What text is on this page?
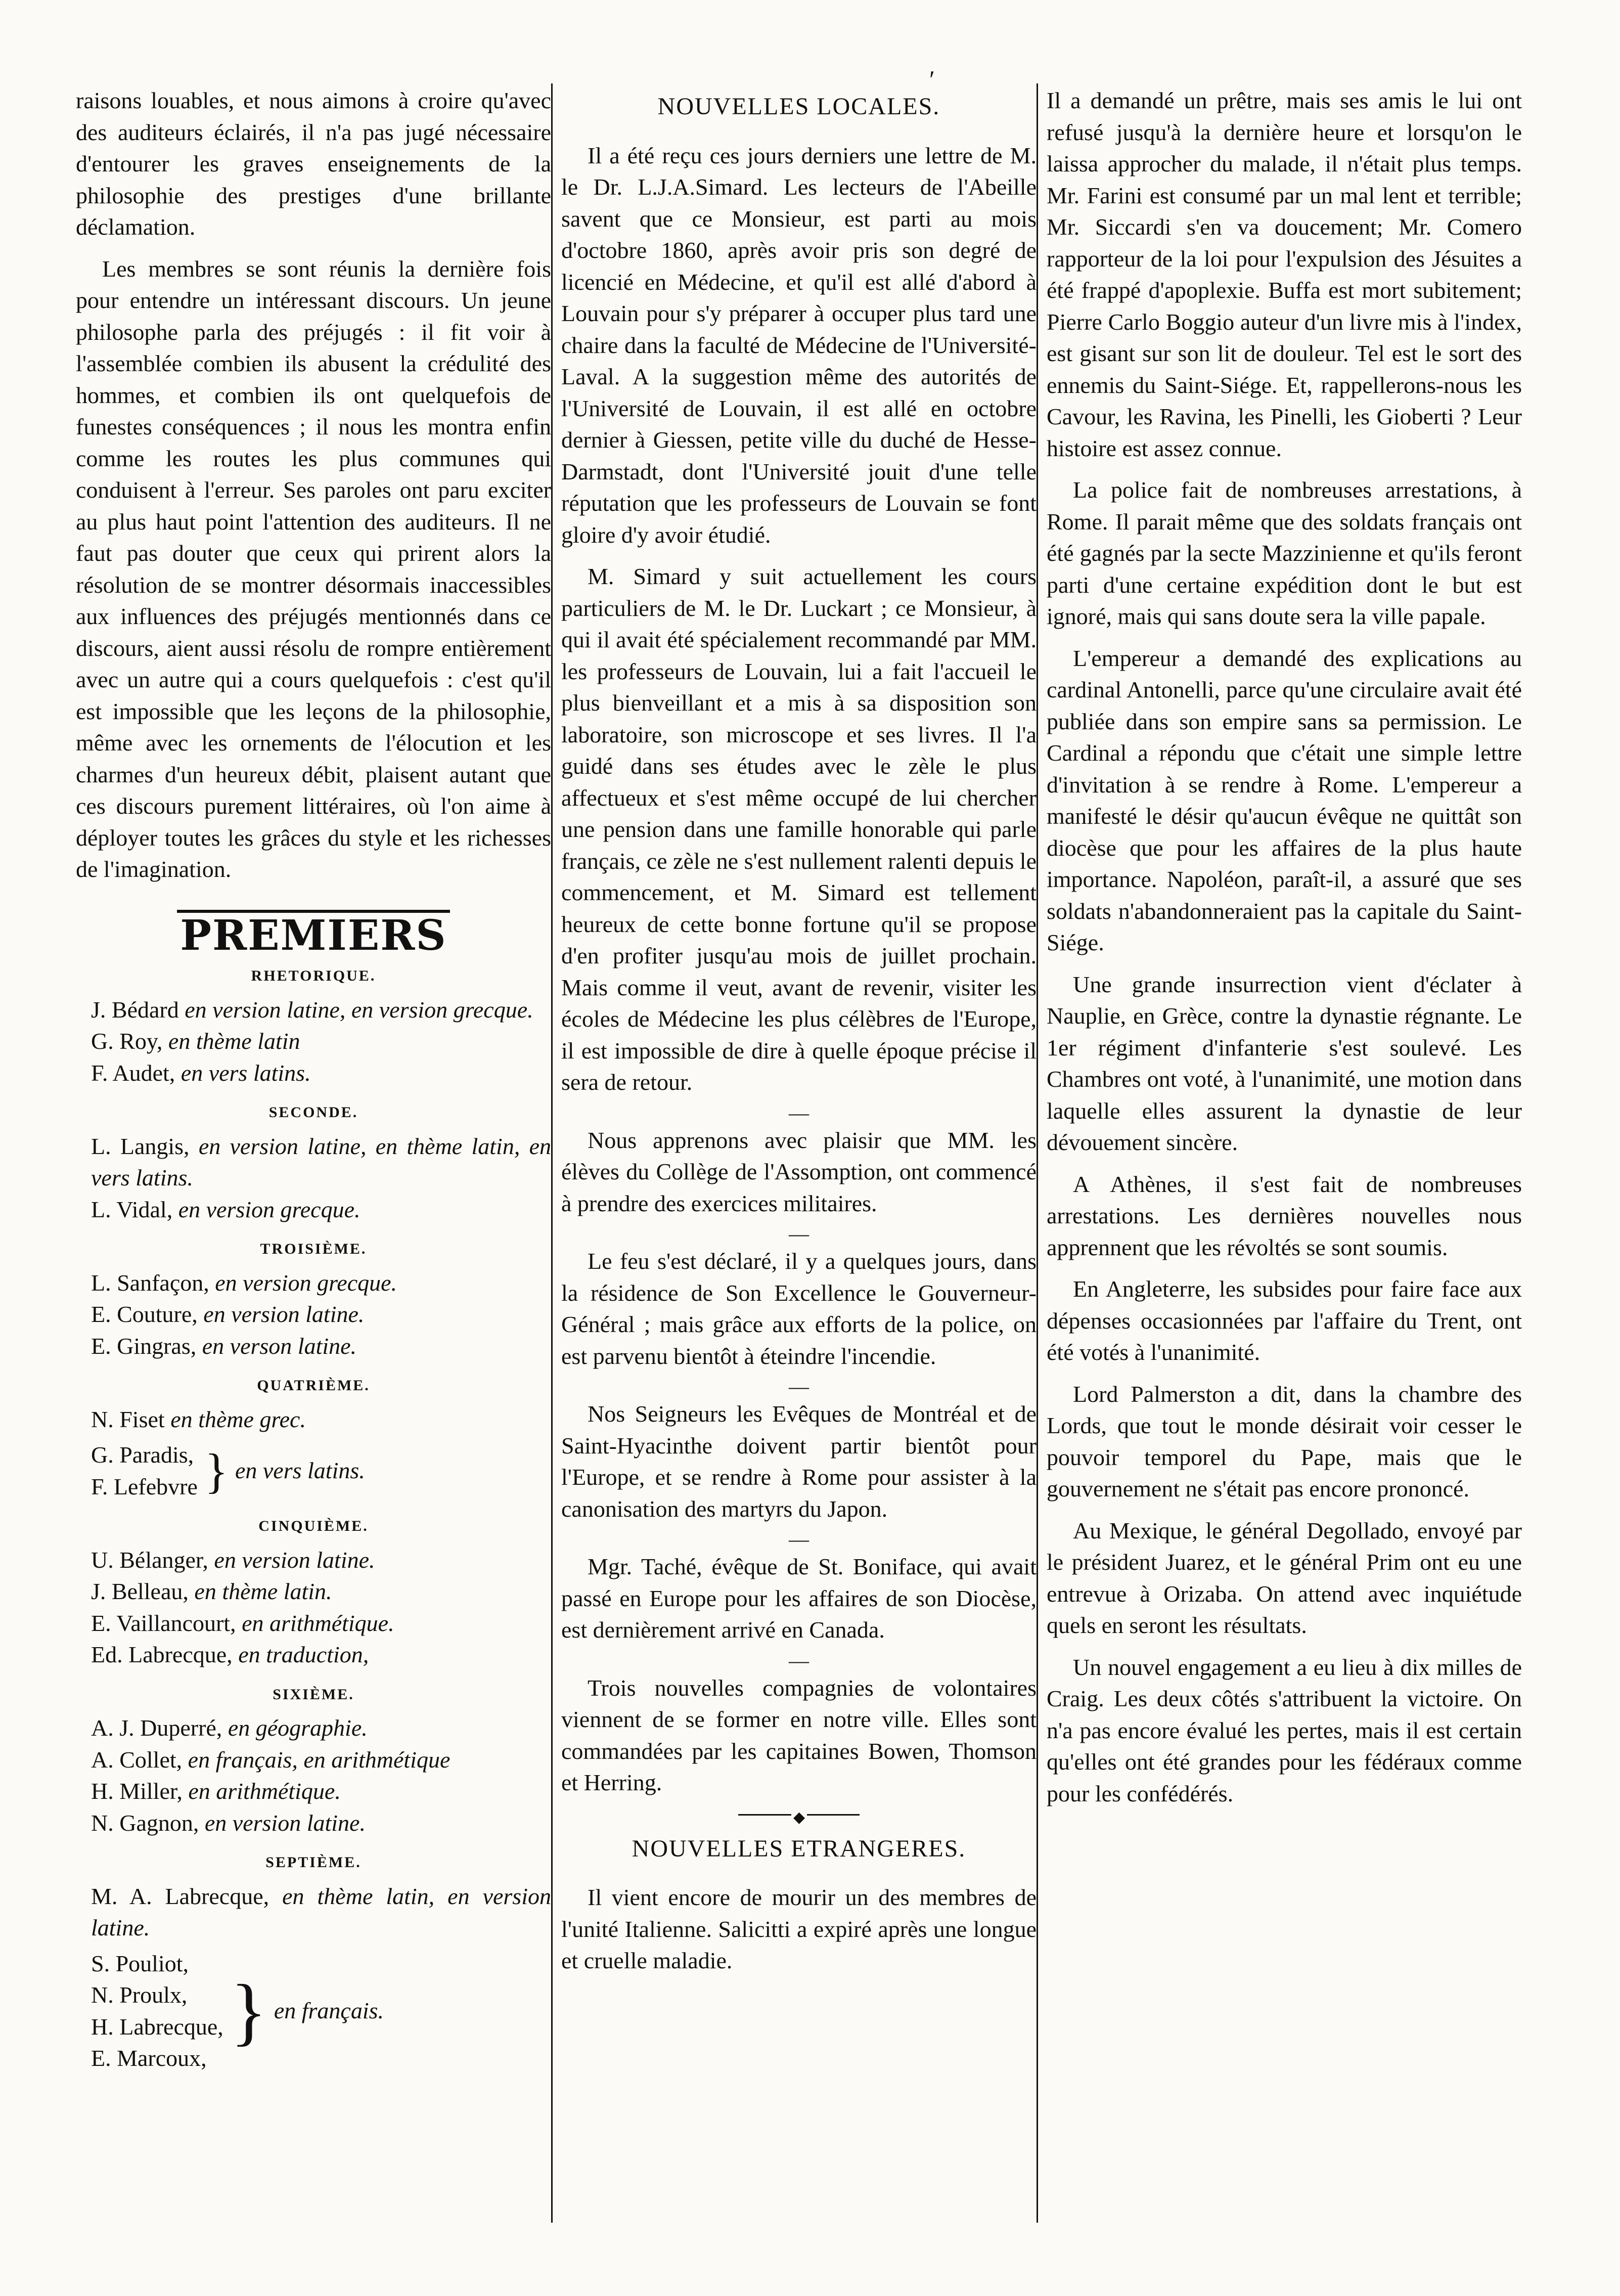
ʹ

raisons louables, et nous aimons à croire qu'avec des auditeurs éclairés, il n'a pas jugé nécessaire d'entourer les graves enseignements de la philosophie des prestiges d'une brillante déclamation.

Les membres se sont réunis la dernière fois pour entendre un intéressant discours. Un jeune philosophe parla des préjugés : il fit voir à l'assemblée combien ils abusent la crédulité des hommes, et combien ils ont quelquefois de funestes conséquences ; il nous les montra enfin comme les routes les plus communes qui conduisent à l'erreur. Ses paroles ont paru exciter au plus haut point l'attention des auditeurs. Il ne faut pas douter que ceux qui prirent alors la résolution de se montrer désormais inaccessibles aux influences des préjugés mentionnés dans ce discours, aient aussi résolu de rompre entièrement avec un autre qui a cours quelquefois : c'est qu'il est impossible que les leçons de la philosophie, même avec les ornements de l'élocution et les charmes d'un heureux débit, plaisent autant que ces discours purement littéraires, où l'on aime à déployer toutes les grâces du style et les richesses de l'imagination.

PREMIERS
RHETORIQUE.

J. Bédard en version latine, en version grecque.

G. Roy, en thème latin

F. Audet, en vers latins.

SECONDE.

L. Langis, en version latine, en thème latin, en vers latins.

L. Vidal, en version grecque.

TROISIÈME.

L. Sanfaçon, en version grecque.

E. Couture, en version latine.

E. Gingras, en verson latine.

QUATRIÈME.

N. Fiset en thème grec.

G. Paradis,
F. Lefebvre } en vers latins.
CINQUIÈME.

U. Bélanger, en version latine.

J. Belleau, en thème latin.

E. Vaillancourt, en arithmétique.

Ed. Labrecque, en traduction,

SIXIÈME.

A. J. Duperré, en géographie.

A. Collet, en français, en arithmétique

H. Miller, en arithmétique.

N. Gagnon, en version latine.

SEPTIÈME.

M. A. Labrecque, en thème latin, en version latine.

S. Pouliot,
N. Proulx,
H. Labrecque,
E. Marcoux,
} en français.
NOUVELLES LOCALES.

Il a été reçu ces jours derniers une lettre de M. le Dr. L.J.A.Simard. Les lecteurs de l'Abeille savent que ce Monsieur, est parti au mois d'octobre 1860, après avoir pris son degré de licencié en Médecine, et qu'il est allé d'abord à Louvain pour s'y préparer à occuper plus tard une chaire dans la faculté de Médecine de l'Université-Laval. A la suggestion même des autorités de l'Université de Louvain, il est allé en octobre dernier à Giessen, petite ville du duché de Hesse-Darmstadt, dont l'Université jouit d'une telle réputation que les professeurs de Louvain se font gloire d'y avoir étudié.

M. Simard y suit actuellement les cours particuliers de M. le Dr. Luckart ; ce Monsieur, à qui il avait été spécialement recommandé par MM. les professeurs de Louvain, lui a fait l'accueil le plus bienveillant et a mis à sa disposition son laboratoire, son microscope et ses livres. Il l'a guidé dans ses études avec le zèle le plus affectueux et s'est même occupé de lui chercher une pension dans une famille honorable qui parle français, ce zèle ne s'est nullement ralenti depuis le commencement, et M. Simard est tellement heureux de cette bonne fortune qu'il se propose d'en profiter jusqu'au mois de juillet prochain. Mais comme il veut, avant de revenir, visiter les écoles de Médecine les plus célèbres de l'Europe, il est impossible de dire à quelle époque précise il sera de retour.

—

Nous apprenons avec plaisir que MM. les élèves du Collège de l'Assomption, ont commencé à prendre des exercices militaires.

—

Le feu s'est déclaré, il y a quelques jours, dans la résidence de Son Excellence le Gouverneur-Général ; mais grâce aux efforts de la police, on est parvenu bientôt à éteindre l'incendie.

—

Nos Seigneurs les Evêques de Montréal et de Saint-Hyacinthe doivent partir bientôt pour l'Europe, et se rendre à Rome pour assister à la canonisation des martyrs du Japon.

—

Mgr. Taché, évêque de St. Boniface, qui avait passé en Europe pour les affaires de son Diocèse, est dernièrement arrivé en Canada.

—

Trois nouvelles compagnies de volontaires viennent de se former en notre ville. Elles sont commandées par les capitaines Bowen, Thomson et Herring.

◆
NOUVELLES ETRANGERES.

Il vient encore de mourir un des membres de l'unité Italienne. Salicitti a expiré après une longue et cruelle maladie.

Il a demandé un prêtre, mais ses amis le lui ont refusé jusqu'à la dernière heure et lorsqu'on le laissa approcher du malade, il n'était plus temps. Mr. Farini est consumé par un mal lent et terrible; Mr. Siccardi s'en va doucement; Mr. Comero rapporteur de la loi pour l'expulsion des Jésuites a été frappé d'apoplexie. Buffa est mort subitement; Pierre Carlo Boggio auteur d'un livre mis à l'index, est gisant sur son lit de douleur. Tel est le sort des ennemis du Saint-Siége. Et, rappellerons-nous les Cavour, les Ravina, les Pinelli, les Gioberti ? Leur histoire est assez connue.

La police fait de nombreuses arrestations, à Rome. Il parait même que des soldats français ont été gagnés par la secte Mazzinienne et qu'ils feront parti d'une certaine expédition dont le but est ignoré, mais qui sans doute sera la ville papale.

L'empereur a demandé des explications au cardinal Antonelli, parce qu'une circulaire avait été publiée dans son empire sans sa permission. Le Cardinal a répondu que c'était une simple lettre d'invitation à se rendre à Rome. L'empereur a manifesté le désir qu'aucun évêque ne quittât son diocèse que pour les affaires de la plus haute importance. Napoléon, paraît-il, a assuré que ses soldats n'abandonneraient pas la capitale du Saint-Siége.

Une grande insurrection vient d'éclater à Nauplie, en Grèce, contre la dynastie régnante. Le 1er régiment d'infanterie s'est soulevé. Les Chambres ont voté, à l'unanimité, une motion dans laquelle elles assurent la dynastie de leur dévouement sincère.

A Athènes, il s'est fait de nombreuses arrestations. Les dernières nouvelles nous apprennent que les révoltés se sont soumis.

En Angleterre, les subsides pour faire face aux dépenses occasionnées par l'affaire du Trent, ont été votés à l'unanimité.

Lord Palmerston a dit, dans la chambre des Lords, que tout le monde désirait voir cesser le pouvoir temporel du Pape, mais que le gouvernement ne s'était pas encore prononcé.

Au Mexique, le général Degollado, envoyé par le président Juarez, et le général Prim ont eu une entrevue à Orizaba. On attend avec inquiétude quels en seront les résultats.

Un nouvel engagement a eu lieu à dix milles de Craig. Les deux côtés s'attribuent la victoire. On n'a pas encore évalué les pertes, mais il est certain qu'elles ont été grandes pour les fédéraux comme pour les confédérés.
